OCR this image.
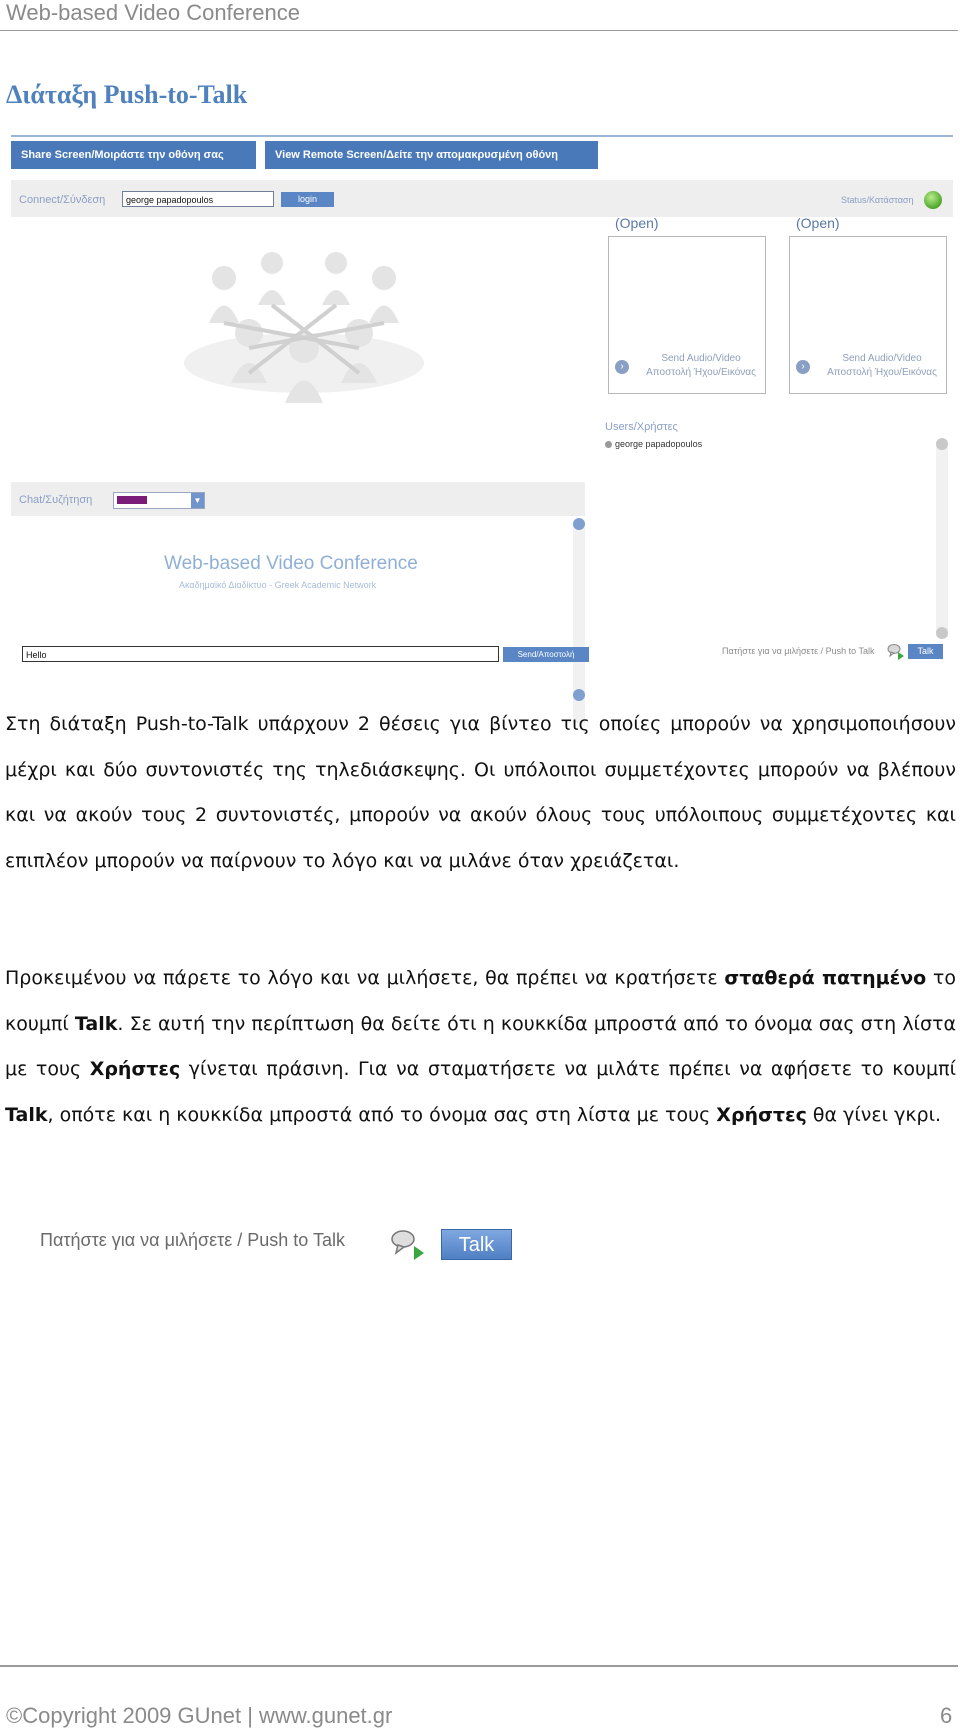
Web-based Video Conference
Διάταξη Push-to-Talk
Share Screen/Μοιράστε την οθόνη σας	View Remote Screen/Δείτε την απομακρυσμένη οθόνη
Connect/Σύνδεση	george papadopoulos	login	Status/Κατάσταση
Web-based Video Conference
Ακαδημαϊκό Διαδίκτυο - Greek Academic Network
Chat/Συζήτηση	▼
Hello	Send/Αποστολή
(Open)
›
Send Audio/Video
Αποστολή Ήχου/Εικόνας
(Open)
›
Send Audio/Video
Αποστολή Ήχου/Εικόνας
Users/Χρήστες
george papadopoulos
Πατήστε για να μιλήσετε / Push to Talk	Talk

Στη διάταξη Push-to-Talk υπάρχουν 2 θέσεις για βίντεο τις οποίες μπορούν να χρησιμοποιήσουν μέχρι και δύο συντονιστές της τηλεδιάσκεψης. Οι υπόλοιποι συμμετέχοντες μπορούν να βλέπουν και να ακούν τους 2 συντονιστές, μπορούν να ακούν όλους τους υπόλοιπους συμμετέχοντες και επιπλέον μπορούν να παίρνουν το λόγο και να μιλάνε όταν χρειάζεται.

Προκειμένου να πάρετε το λόγο και να μιλήσετε, θα πρέπει να κρατήσετε σταθερά πατημένο το κουμπί Talk. Σε αυτή την περίπτωση θα δείτε ότι η κουκκίδα μπροστά από το όνομα σας στη λίστα με τους Χρήστες γίνεται πράσινη. Για να σταματήσετε να μιλάτε πρέπει να αφήσετε το κουμπί Talk, οπότε και η κουκκίδα μπροστά από το όνομα σας στη λίστα με τους Χρήστες θα γίνει γκρι.

Πατήστε για να μιλήσετε / Push to Talk	Talk
©Copyright 2009 GUnet | www.gunet.gr	6
